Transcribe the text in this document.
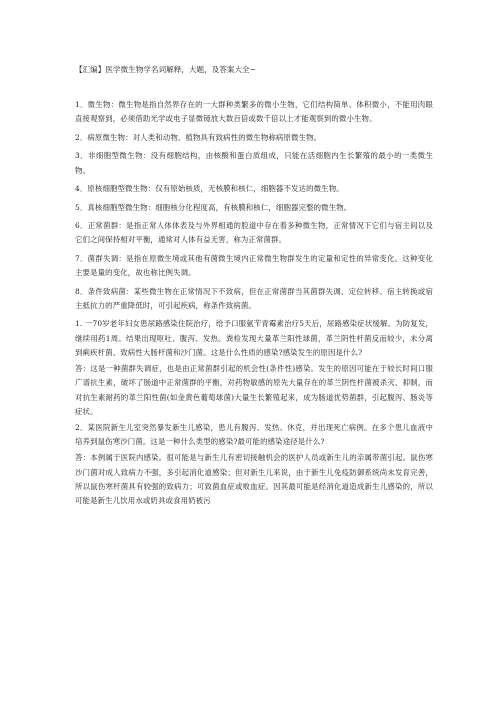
【汇编】医学微生物学名词解释，大题，及答案大全~

1．微生物：微生物是指自然界存在的一大群种类繁多的微小生物，它们结构简单、体积微小，不能用肉眼直接观察到，必须借助光学或电子显微镜放大数百倍或数千倍以上才能观察到的微小生物。

2．病原微生物：对人类和动物、植物具有致病性的微生物称病原微生物。

3．非细胞型微生物：没有细胞结构，由核酸和蛋白质组成，只能在活细胞内生长繁殖的最小的一类微生物。

4．原核细胞型微生物：仅有原始核质，无核膜和核仁，细胞器不发达的微生物。

5．真核细胞型微生物：细胞核分化程度高，有核膜和核仁，细胞器完整的微生物。

6．正常菌群：是指正常人体体表及与外界相通的腔道中存在着多种微生物，正常情况下它们与宿主间以及它们之间保持相对平衡，通常对人体有益无害，称为正常菌群。

7．菌群失调：是指在原微生境或其他有菌微生境内正常微生物群发生的定量和定性的异常变化。这种变化主要是量的变化，故也称比例失调。

8．条件致病菌：某些微生物在正常情况下不致病，但在正常菌群当其菌群失调、定位转移、宿主转换或宿主抵抗力的严重降低时，可引起疾病，称条件致病菌。

1. 一70岁老年妇女患尿路感染住院治疗，给予口服氨苄青霉素治疗5天后，尿路感染症状缓解。为防复发，继续用药1周。结果出现呕吐、腹泻、发热。粪检发现大量革兰阳性球菌，革兰阴性杆菌反而较少，未分离到痢疾杆菌、致病性大肠杆菌和沙门菌。这是什么性质的感染?感染发生的原因是什么?

答：这是一种菌群失调症，也是由正常菌群引起的机会性(条件性)感染。发生的原因可能在于较长时间口服广谱抗生素，破坏了肠道中正常菌群的平衡，对药物敏感的原先大量存在的革兰阴性杆菌被杀灭、抑制，而对抗生素耐药的革兰阳性菌(如金黄色葡萄球菌)大量生长繁殖起来，成为肠道优势菌群，引起腹泻、肠炎等症状。

2．某医院新生儿室突然暴发新生儿感染，患儿有腹泻、发热、休克，并出现死亡病例。在多个患儿血液中培养到鼠伤寒沙门菌。这是一种什么类型的感染?最可能的感染途径是什么?

答：本例属于医院内感染。很可能是与新生儿有密切接触机会的医护人员或新生儿的亲属带菌引起。鼠伤寒沙门菌对成人致病力不强，多引起消化道感染；但对新生儿来说，由于新生儿免疫防御系统尚未发育完善，所以鼠伤寒杆菌具有较强的致病力；可致菌血症或败血症。因其最可能是经消化道造成新生儿感染的，所以可能是新生儿饮用水或奶具或食用奶被污
